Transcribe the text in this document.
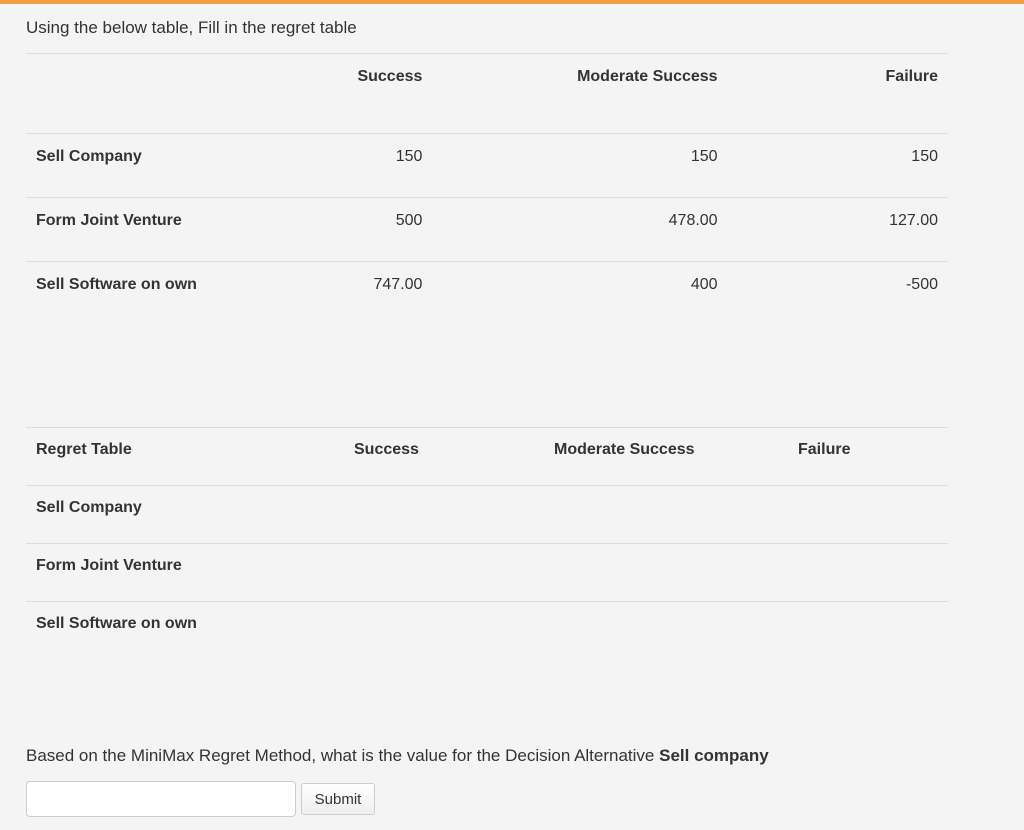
Using the below table, Fill in the regret table
	Success	Moderate Success	Failure
Sell Company	150	150	150
Form Joint Venture	500	478.00	127.00
Sell Software on own	747.00	400	-500
Regret Table	Success	Moderate Success	Failure
Sell Company			
Form Joint Venture			
Sell Software on own			
Based on the MiniMax Regret Method, what is the value for the Decision Alternative Sell company
Submit
